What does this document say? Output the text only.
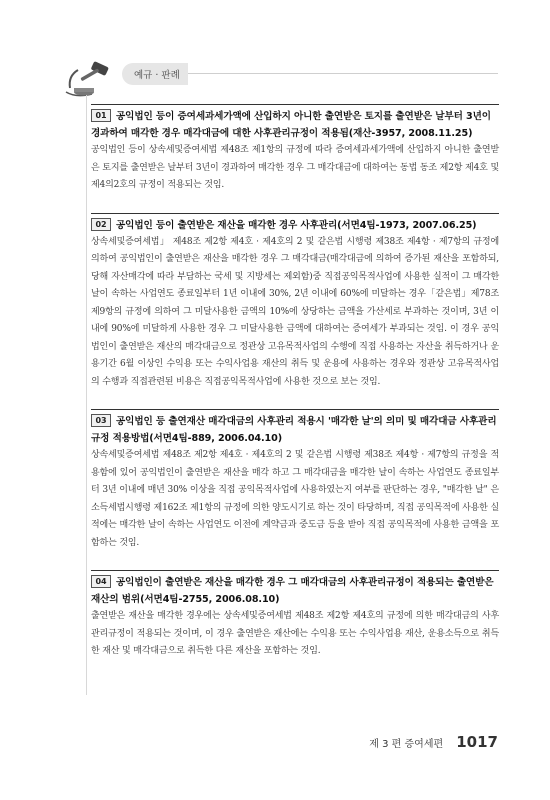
예규 · 판례

01 공익법인 등이 증여세과세가액에 산입하지 아니한 출연받은 토지를 출연받은 날부터 3년이 경과하여 매각한 경우 매각대금에 대한 사후관리규정이 적용됨(재산-3957, 2008.11.25)

공익법인 등이 상속세및증여세법 제48조 제1항의 규정에 따라 증여세과세가액에 산입하지 아니한 출연받은 토지를 출연받은 날부터 3년이 경과하여 매각한 경우 그 매각대금에 대하여는 동법 동조 제2항 제4호 및 제4의2호의 규정이 적용되는 것임.

02 공익법인 등이 출연받은 재산을 매각한 경우 사후관리(서면4팀-1973, 2007.06.25)

상속세및증여세법」 제48조 제2항 제4호 · 제4호의 2 및 같은법 시행령 제38조 제4항 · 제7항의 규정에 의하여 공익법인이 출연받은 재산을 매각한 경우 그 매각대금(매각대금에 의하여 증가된 재산을 포함하되, 당해 자산매각에 따라 부담하는 국세 및 지방세는 제외함)중 직접공익목적사업에 사용한 실적이 그 매각한 날이 속하는 사업연도 종료일부터 1년 이내에 30%, 2년 이내에 60%에 미달하는 경우「같은법」제78조 제9항의 규정에 의하여 그 미달사용한 금액의 10%에 상당하는 금액을 가산세로 부과하는 것이며, 3년 이내에 90%에 미달하게 사용한 경우 그 미달사용한 금액에 대하여는 증여세가 부과되는 것임. 이 경우 공익법인이 출연받은 재산의 매각대금으로 정관상 고유목적사업의 수행에 직접 사용하는 자산을 취득하거나 운용기간 6월 이상인 수익용 또는 수익사업용 재산의 취득 및 운용에 사용하는 경우와 정관상 고유목적사업의 수행과 직접관련된 비용은 직접공익목적사업에 사용한 것으로 보는 것임.

03 공익법인 등 출연재산 매각대금의 사후관리 적용시 '매각한 날'의 의미 및 매각대금 사후관리규정 적용방법(서면4팀-889, 2006.04.10)

상속세및증여세법 제48조 제2항 제4호 · 제4호의 2 및 같은법 시행령 제38조 제4항 · 제7항의 규정을 적용함에 있어 공익법인이 출연받은 재산을 매각 하고 그 매각대금을 매각한 날이 속하는 사업연도 종료일부터 3년 이내에 매년 30% 이상을 직접 공익목적사업에 사용하였는지 여부를 판단하는 경우, "매각한 날" 은 소득세법시행령 제162조 제1항의 규정에 의한 양도시기로 하는 것이 타당하며, 직접 공익목적에 사용한 실적에는 매각한 날이 속하는 사업연도 이전에 계약금과 중도금 등을 받아 직접 공익목적에 사용한 금액을 포함하는 것임.

04 공익법인이 출연받은 재산을 매각한 경우 그 매각대금의 사후관리규정이 적용되는 출연받은 재산의 범위(서면4팀-2755, 2006.08.10)

출연받은 재산을 매각한 경우에는 상속세및증여세법 제48조 제2항 제4호의 규정에 의한 매각대금의 사후관리규정이 적용되는 것이며, 이 경우 출연받은 재산에는 수익용 또는 수익사업용 재산, 운용소득으로 취득한 재산 및 매각대금으로 취득한 다른 재산을 포함하는 것임.

제 3 편 증여세편 1017
